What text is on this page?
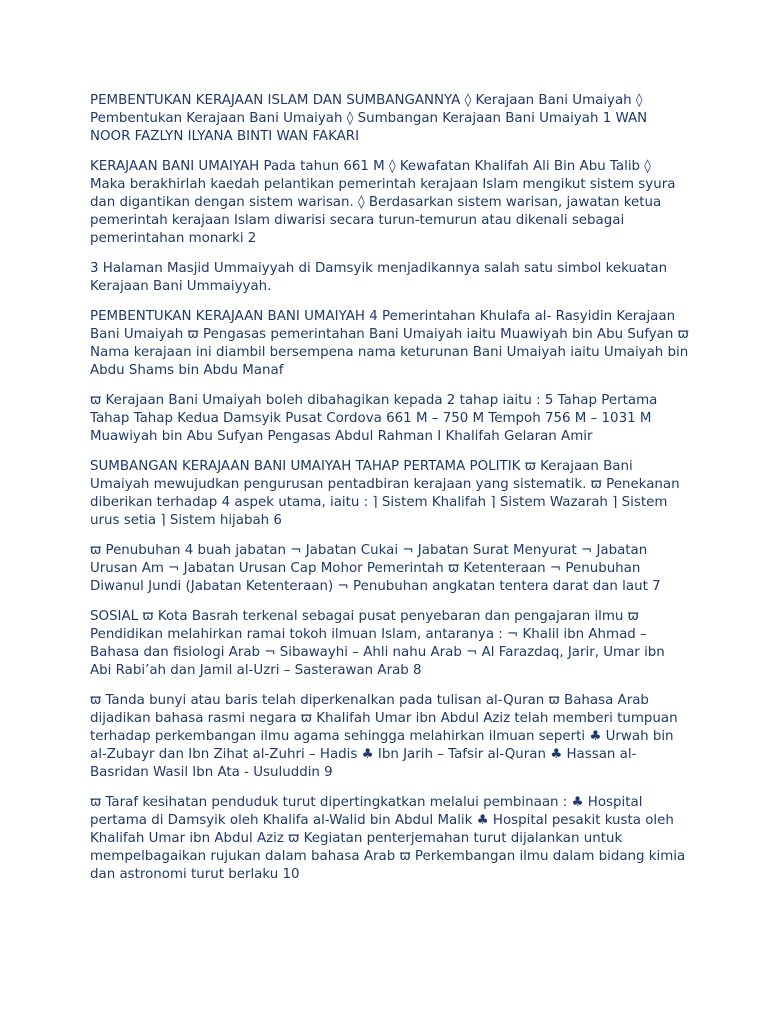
PEMBENTUKAN KERAJAAN ISLAM DAN SUMBANGANNYA ◊ Kerajaan Bani Umaiyah ◊ Pembentukan Kerajaan Bani Umaiyah ◊ Sumbangan Kerajaan Bani Umaiyah 1 WAN NOOR FAZLYN ILYANA BINTI WAN FAKARI

KERAJAAN BANI UMAIYAH Pada tahun 661 M ◊ Kewafatan Khalifah Ali Bin Abu Talib ◊ Maka berakhirlah kaedah pelantikan pemerintah kerajaan Islam mengikut sistem syura dan digantikan dengan sistem warisan. ◊ Berdasarkan sistem warisan, jawatan ketua pemerintah kerajaan Islam diwarisi secara turun-temurun atau dikenali sebagai pemerintahan monarki 2

3 Halaman Masjid Ummaiyyah di Damsyik menjadikannya salah satu simbol kekuatan Kerajaan Bani Ummaiyyah.

PEMBENTUKAN KERAJAAN BANI UMAIYAH 4 Pemerintahan Khulafa al- Rasyidin Kerajaan Bani Umaiyah ϖ Pengasas pemerintahan Bani Umaiyah iaitu Muawiyah bin Abu Sufyan ϖ Nama kerajaan ini diambil bersempena nama keturunan Bani Umaiyah iaitu Umaiyah bin Abdu Shams bin Abdu Manaf

ϖ Kerajaan Bani Umaiyah boleh dibahagikan kepada 2 tahap iaitu : 5 Tahap Pertama Tahap Tahap Kedua Damsyik Pusat Cordova 661 M – 750 M Tempoh 756 M – 1031 M Muawiyah bin Abu Sufyan Pengasas Abdul Rahman I Khalifah Gelaran Amir

SUMBANGAN KERAJAAN BANI UMAIYAH TAHAP PERTAMA POLITIK ϖ Kerajaan Bani Umaiyah mewujudkan pengurusan pentadbiran kerajaan yang sistematik. ϖ Penekanan diberikan terhadap 4 aspek utama, iaitu : ⌉ Sistem Khalifah ⌉ Sistem Wazarah ⌉ Sistem urus setia ⌉ Sistem hijabah 6

ϖ Penubuhan 4 buah jabatan ¬ Jabatan Cukai ¬ Jabatan Surat Menyurat ¬ Jabatan Urusan Am ¬ Jabatan Urusan Cap Mohor Pemerintah ϖ Ketenteraan ¬ Penubuhan Diwanul Jundi (Jabatan Ketenteraan) ¬ Penubuhan angkatan tentera darat dan laut 7

SOSIAL ϖ Kota Basrah terkenal sebagai pusat penyebaran dan pengajaran ilmu ϖ Pendidikan melahirkan ramai tokoh ilmuan Islam, antaranya : ¬ Khalil ibn Ahmad – Bahasa dan fisiologi Arab ¬ Sibawayhi – Ahli nahu Arab ¬ Al Farazdaq, Jarir, Umar ibn Abi Rabi’ah dan Jamil al-Uzri – Sasterawan Arab 8

ϖ Tanda bunyi atau baris telah diperkenalkan pada tulisan al-Quran ϖ Bahasa Arab dijadikan bahasa rasmi negara ϖ Khalifah Umar ibn Abdul Aziz telah memberi tumpuan terhadap perkembangan ilmu agama sehingga melahirkan ilmuan seperti ♣ Urwah bin al-Zubayr dan Ibn Zihat al-Zuhri – Hadis ♣ Ibn Jarih – Tafsir al-Quran ♣ Hassan al-Basridan Wasil Ibn Ata - Usuluddin 9

ϖ Taraf kesihatan penduduk turut dipertingkatkan melalui pembinaan : ♣ Hospital pertama di Damsyik oleh Khalifa al-Walid bin Abdul Malik ♣ Hospital pesakit kusta oleh Khalifah Umar ibn Abdul Aziz ϖ Kegiatan penterjemahan turut dijalankan untuk mempelbagaikan rujukan dalam bahasa Arab ϖ Perkembangan ilmu dalam bidang kimia dan astronomi turut berlaku 10
